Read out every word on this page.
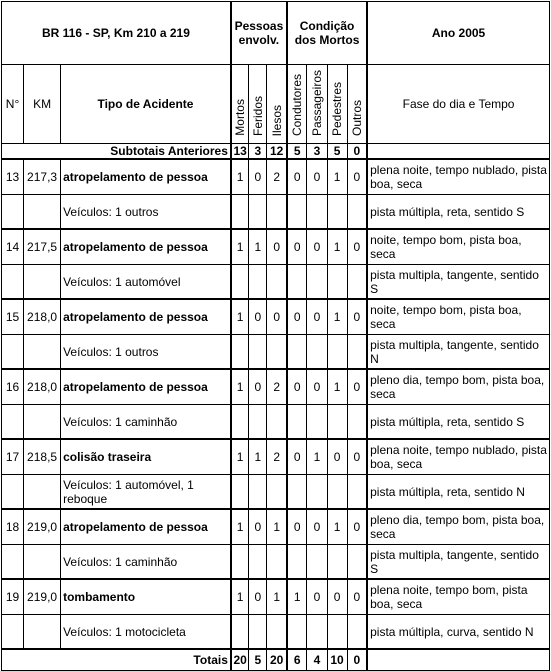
BR 116 - SP, Km 210 a 219			Pessoas envolv.			Condição dos Mortos				Ano 2005
N°	KM	Tipo de Acidente	Mortos	Feridos	Ilesos	Condutores	Passageiros	Pedestres	Outros	Fase do dia e Tempo
Subtotais Anteriores			13	3	12	5	3	5	0	
13	217,3	atropelamento de pessoa	1	0	2	0	0	1	0	plena noite, tempo nublado, pista boa, seca
		Veículos: 1 outros								pista múltipla, reta, sentido S
14	217,5	atropelamento de pessoa	1	1	0	0	0	1	0	noite, tempo bom, pista boa, seca
		Veículos: 1 automóvel								pista multipla, tangente, sentido S
15	218,0	atropelamento de pessoa	1	0	0	0	0	1	0	noite, tempo bom, pista boa, seca
		Veículos: 1 outros								pista multipla, tangente, sentido N
16	218,0	atropelamento de pessoa	1	0	2	0	0	1	0	pleno dia, tempo bom, pista boa, seca
		Veículos: 1 caminhão								pista múltipla, reta, sentido S
17	218,5	colisão traseira	1	1	2	0	1	0	0	plena noite, tempo nublado, pista boa, seca
		Veículos: 1 automóvel, 1 reboque								pista múltipla, reta, sentido N
18	219,0	atropelamento de pessoa	1	0	1	0	0	1	0	pleno dia, tempo bom, pista boa, seca
		Veículos: 1 caminhão								pista multipla, tangente, sentido S
19	219,0	tombamento	1	0	1	1	0	0	0	plena noite, tempo bom, pista boa, seca
		Veículos: 1 motocicleta								pista múltipla, curva, sentido N
Totais			20	5	20	6	4	10	0	
